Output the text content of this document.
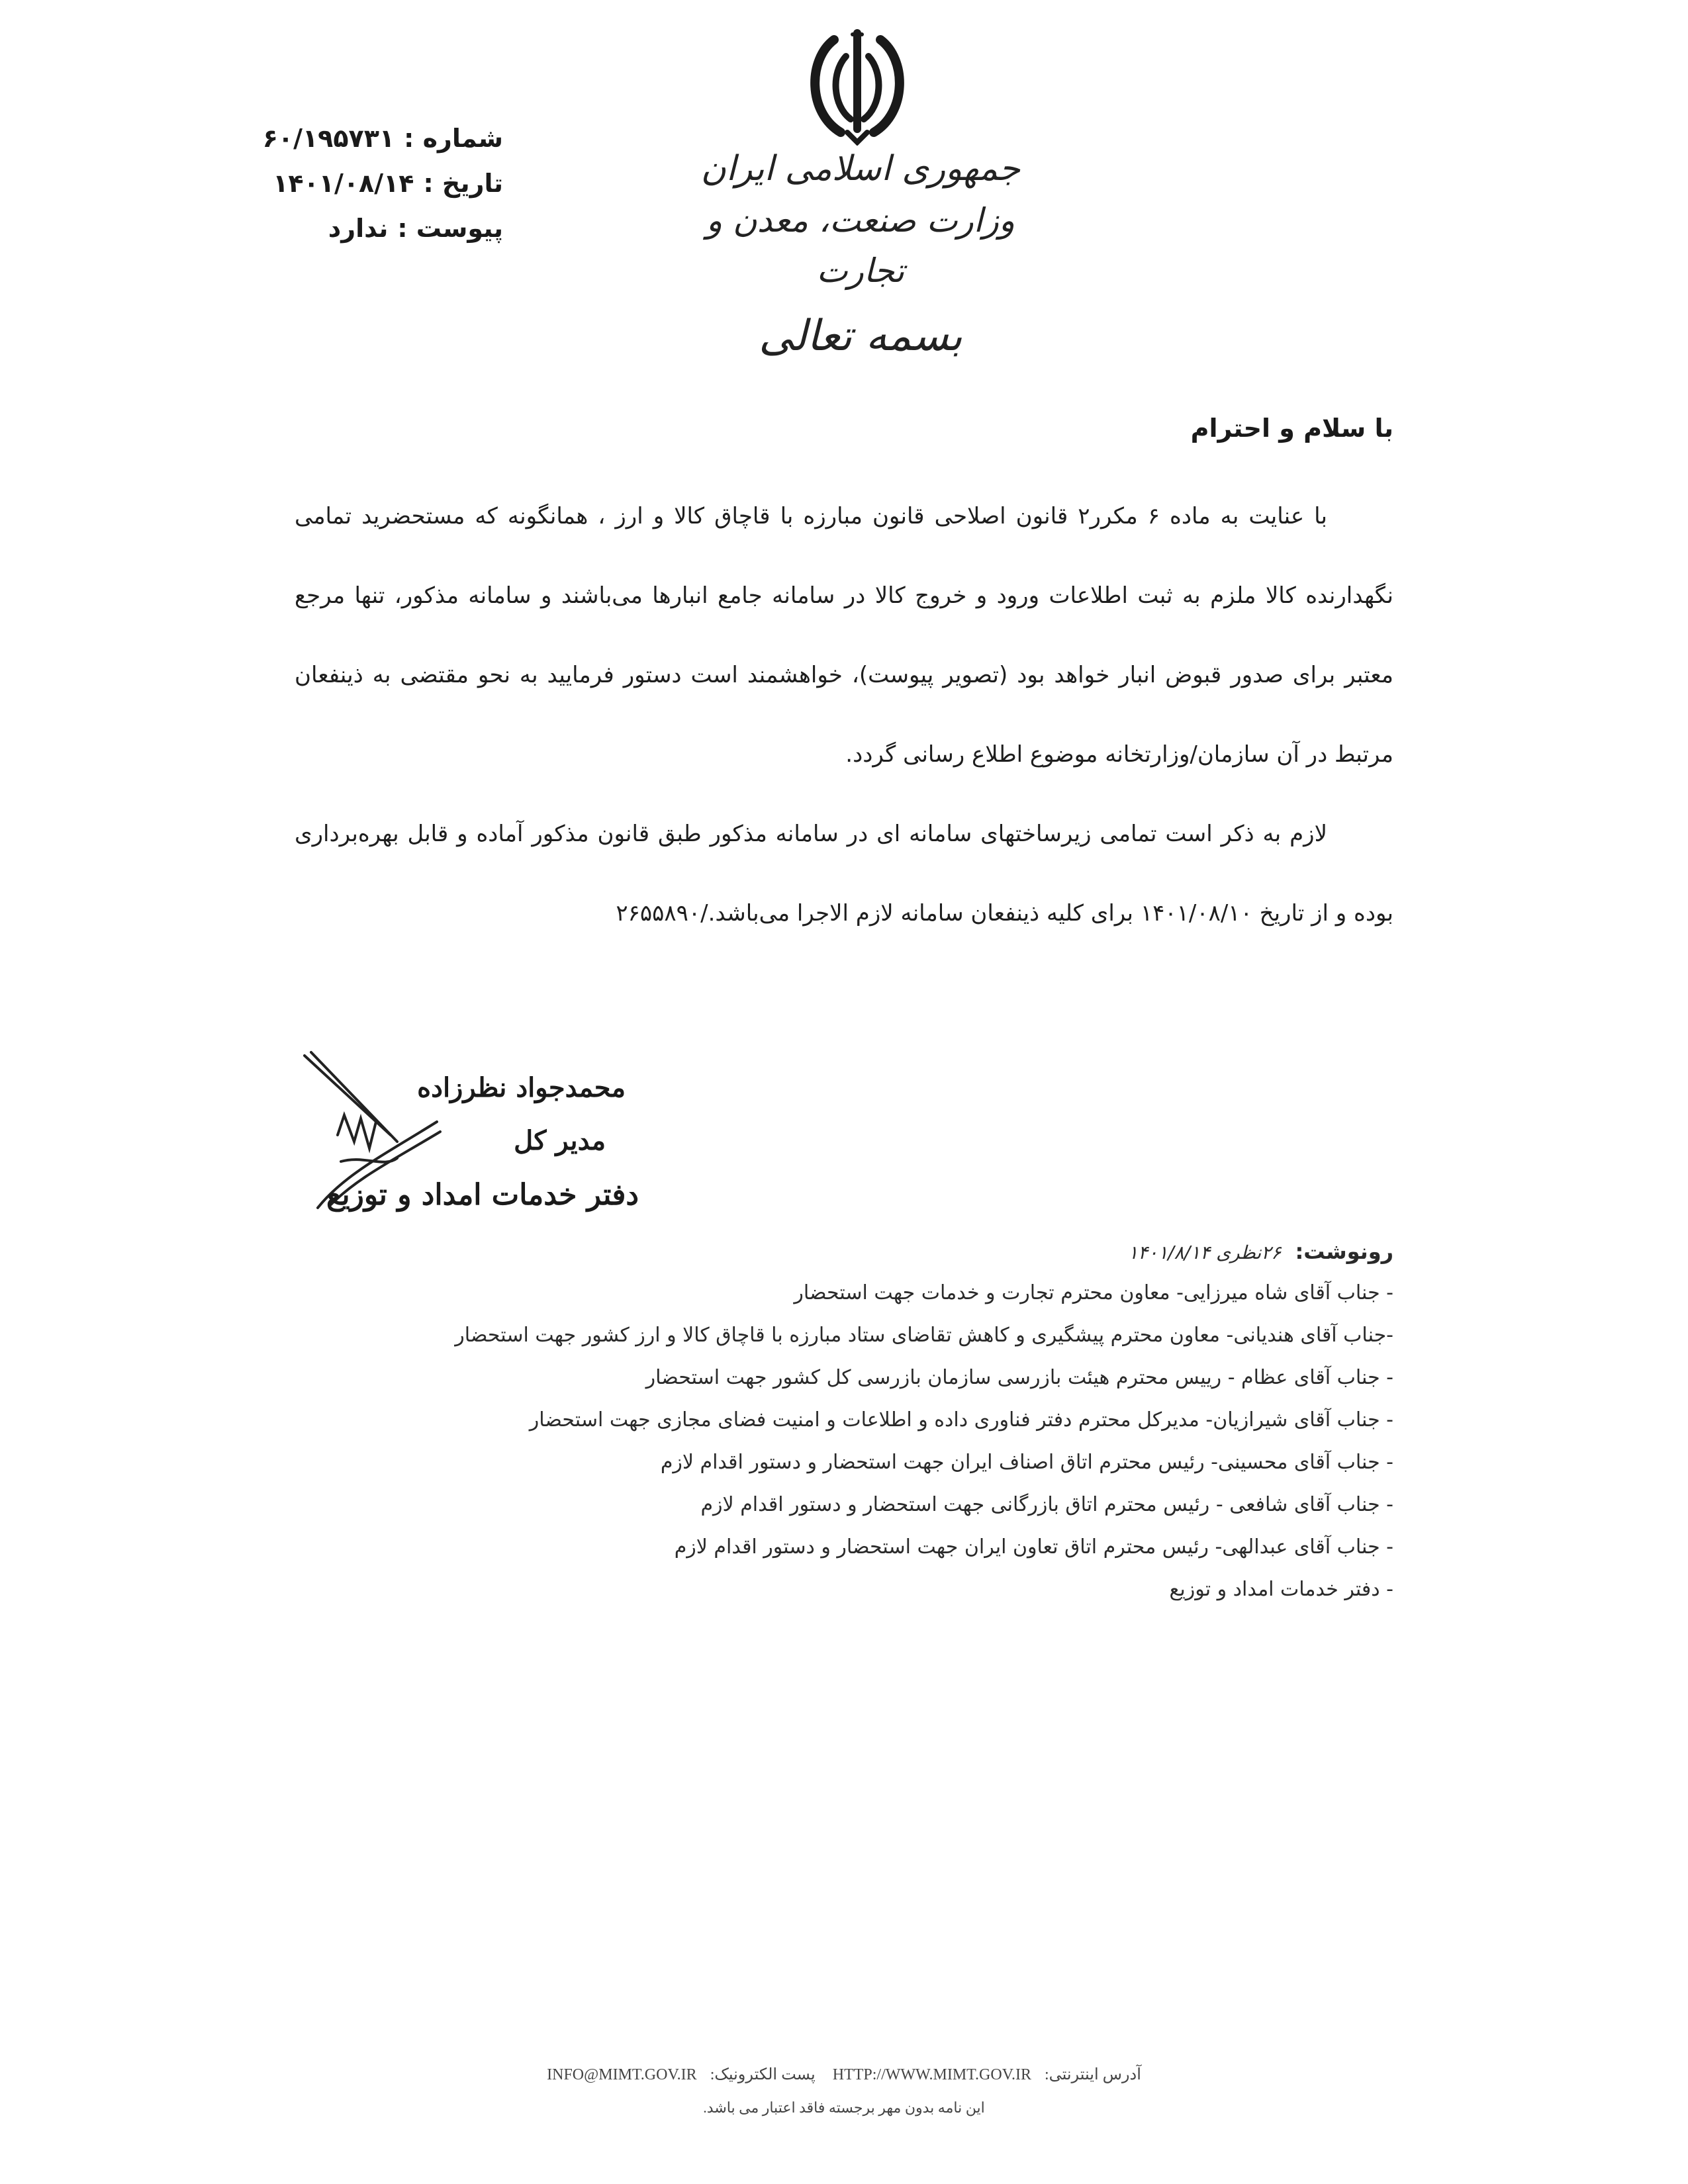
جمهوری اسلامی ایران
وزارت صنعت، معدن و تجارت
بسمه تعالی
شماره :
۶۰/۱۹۵۷۳۱
تاریخ :
۱۴۰۱/۰۸/۱۴
پیوست :
ندارد
با سلام و احترام

با عنایت به ماده ۶ مکرر۲ قانون اصلاحی قانون مبارزه با قاچاق کالا و ارز ، همانگونه که مستحضرید تمامی نگهدارنده کالا ملزم به ثبت اطلاعات ورود و خروج کالا در سامانه جامع انبارها می‌باشند و سامانه مذکور، تنها مرجع معتبر برای صدور قبوض انبار خواهد بود (تصویر پیوست)، خواهشمند است دستور فرمایید به نحو مقتضی به ذینفعان مرتبط در آن سازمان/وزارتخانه موضوع اطلاع رسانی گردد.

لازم به ذکر است تمامی زیرساختهای سامانه ای در سامانه مذکور طبق قانون مذکور آماده و قابل بهره‌برداری بوده و از تاریخ ۱۴۰۱/۰۸/۱۰ برای کلیه ذینفعان سامانه لازم الاجرا می‌باشد./۲۶۵۵۸۹۰

محمدجواد نظرزاده
مدیر کل
دفتر خدمات امداد و توزیع
رونوشت: ۲۶نظری ۱۴۰۱/۸/۱۴
- جناب آقای شاه میرزایی- معاون محترم تجارت و خدمات جهت استحضار
-جناب آقای هندیانی- معاون محترم پیشگیری و کاهش تقاضای ستاد مبارزه با قاچاق کالا و ارز کشور جهت استحضار
- جناب آقای عظام - رییس محترم هیئت بازرسی سازمان بازرسی کل کشور جهت استحضار
- جناب آقای شیرازیان- مدیرکل محترم دفتر فناوری داده و اطلاعات و امنیت فضای مجازی جهت استحضار
- جناب آقای محسینی- رئیس محترم اتاق اصناف ایران جهت استحضار و دستور اقدام لازم
- جناب آقای شافعی - رئیس محترم اتاق بازرگانی جهت استحضار و دستور اقدام لازم
- جناب آقای عبدالهی- رئیس محترم اتاق تعاون ایران جهت استحضار و دستور اقدام لازم
- دفتر خدمات امداد و توزیع
آدرس اینترنتی:HTTP://WWW.MIMT.GOV.IR پست الکترونیک:INFO@MIMT.GOV.IR
این نامه بدون مهر برجسته فاقد اعتبار می باشد.
